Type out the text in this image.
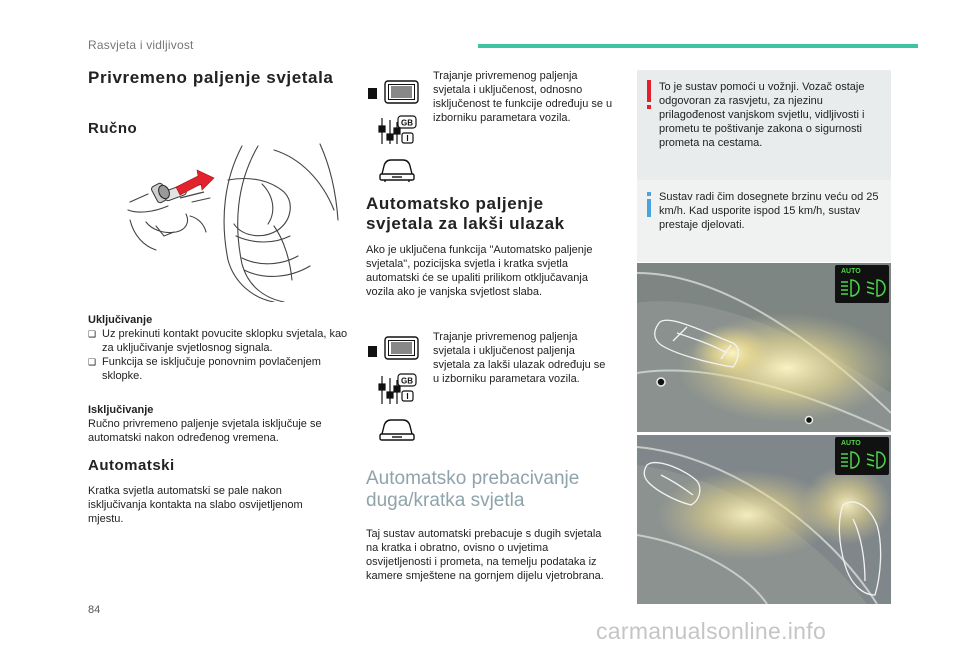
Rasvjeta i vidljivost
Privremeno paljenje svjetala
Ručno
Uključivanje
❑ Uz prekinuti kontakt povucite sklopku svjetala, kao za uključivanje svjetlosnog signala.
❑ Funkcija se isključuje ponovnim povlačenjem sklopke.
Isključivanje
Ručno privremeno paljenje svjetala isključuje se automatski nakon određenog vremena.
Automatski
Kratka svjetla automatski se pale nakon isključivanja kontakta na slabo osvijetljenom mjestu.
GB
Trajanje privremenog paljenja svjetala i uključenost, odnosno isključenost te funkcije određuju se u izborniku parametara vozila.
Automatsko paljenje svjetala za lakši ulazak
Ako je uključena funkcija "Automatsko paljenje svjetala", pozicijska svjetla i kratka svjetla automatski će se upaliti prilikom otključavanja vozila ako je vanjska svjetlost slaba.
GB
Trajanje privremenog paljenja svjetala i uključenost paljenja svjetala za lakši ulazak određuju se u izborniku parametara vozila.
Automatsko prebacivanje duga/kratka svjetla
Taj sustav automatski prebacuje s dugih svjetala na kratka i obratno, ovisno o uvjetima osvijetljenosti i prometa, na temelju podataka iz kamere smještene na gornjem dijelu vjetrobrana.
To je sustav pomoći u vožnji. Vozač ostaje odgovoran za rasvjetu, za njezinu prilagođenost vanjskom svjetlu, vidljivosti i prometu te poštivanje zakona o sigurnosti prometa na cestama.
Sustav radi čim dosegnete brzinu veću od 25 km/h. Kad usporite ispod 15 km/h, sustav prestaje djelovati.
AUTO
AUTO
84
carmanualsonline.info
